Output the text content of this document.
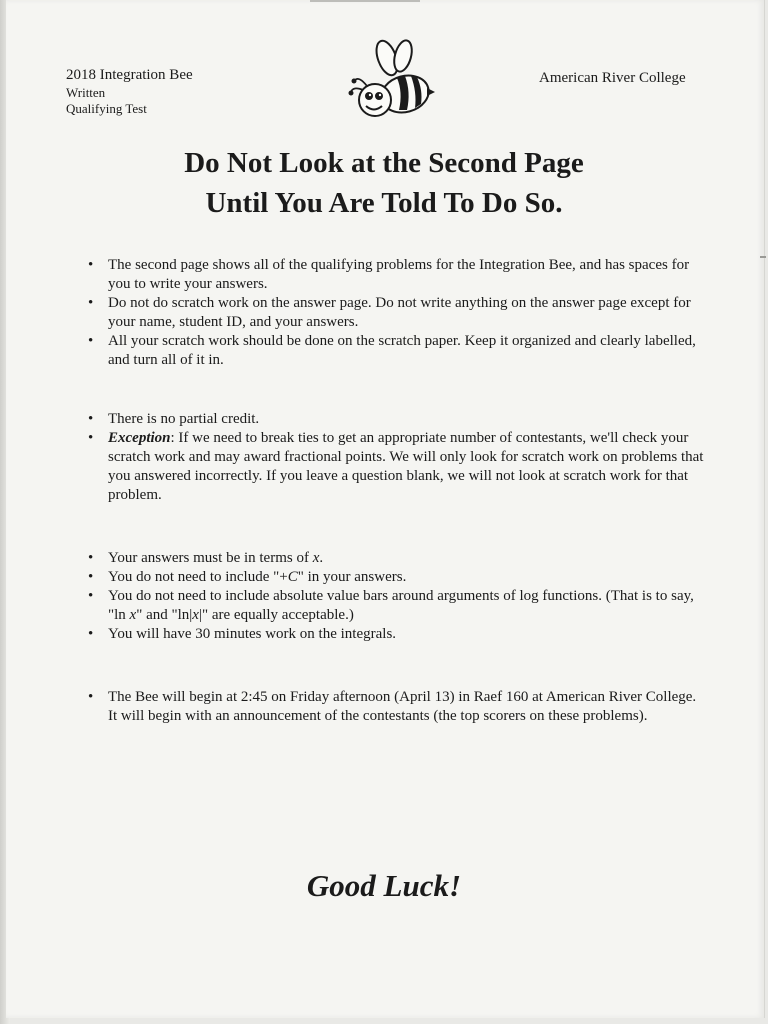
2018 Integration Bee
Written
Qualifying Test
American River College
Do Not Look at the Second Page
Until You Are Told To Do So.
• The second page shows all of the qualifying problems for the Integration Bee, and has spaces for you to write your answers.
• Do not do scratch work on the answer page. Do not write anything on the answer page except for your name, student ID, and your answers.
• All your scratch work should be done on the scratch paper. Keep it organized and clearly labelled, and turn all of it in.
• There is no partial credit.
• Exception: If we need to break ties to get an appropriate number of contestants, we'll check your scratch work and may award fractional points. We will only look for scratch work on problems that you answered incorrectly. If you leave a question blank, we will not look at scratch work for that problem.
• Your answers must be in terms of x.
• You do not need to include "+C" in your answers.
• You do not need to include absolute value bars around arguments of log functions. (That is to say, "ln x" and "ln|x|" are equally acceptable.)
• You will have 30 minutes work on the integrals.
• The Bee will begin at 2:45 on Friday afternoon (April 13) in Raef 160 at American River College. It will begin with an announcement of the contestants (the top scorers on these problems).
Good Luck!
